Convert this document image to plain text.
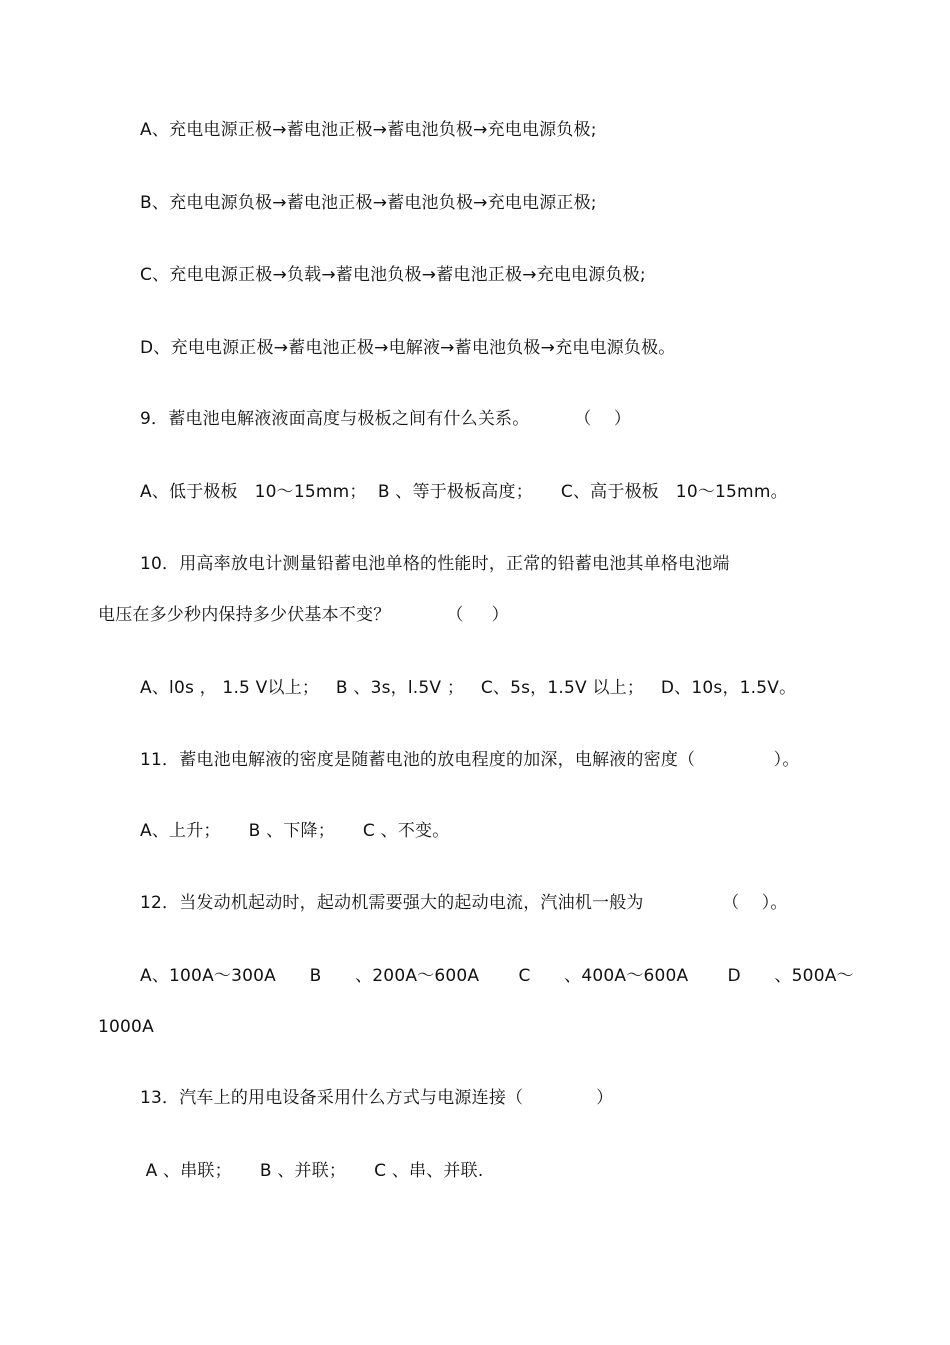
A、充电电源正极→蓄电池正极→蓄电池负极→充电电源负极;
B、充电电源负极→蓄电池正极→蓄电池负极→充电电源正极;
C、充电电源正极→负载→蓄电池负极→蓄电池正极→充电电源负极;
D、充电电源正极→蓄电池正极→电解液→蓄电池负极→充电电源负极。
9．蓄电池电解液液面高度与极板之间有什么关系。        （    ）
A、低于极板   10～15mm；  B 、等于极板高度；     C、高于极板   10～15mm。
10．用高率放电计测量铅蓄电池单格的性能时，正常的铅蓄电池其单格电池端
电压在多少秒内保持多少伏基本不变？          （     ）
A、l0s ， 1.5 V以上；   B 、3s，l.5V ；   C、5s，1.5V 以上；   D、10s，1.5V。
11．蓄电池电解液的密度是随蓄电池的放电程度的加深，电解液的密度（              ）。
A、上升；     B 、下降；     C 、不变。
12．当发动机起动时，起动机需要强大的起动电流，汽油机一般为              （    ）。
A、100A～300A      B      、200A～600A       C      、400A～600A       D      、500A～
1000A
13．汽车上的用电设备采用什么方式与电源连接（             ）
A 、串联；     B 、并联；     C 、串、并联.
